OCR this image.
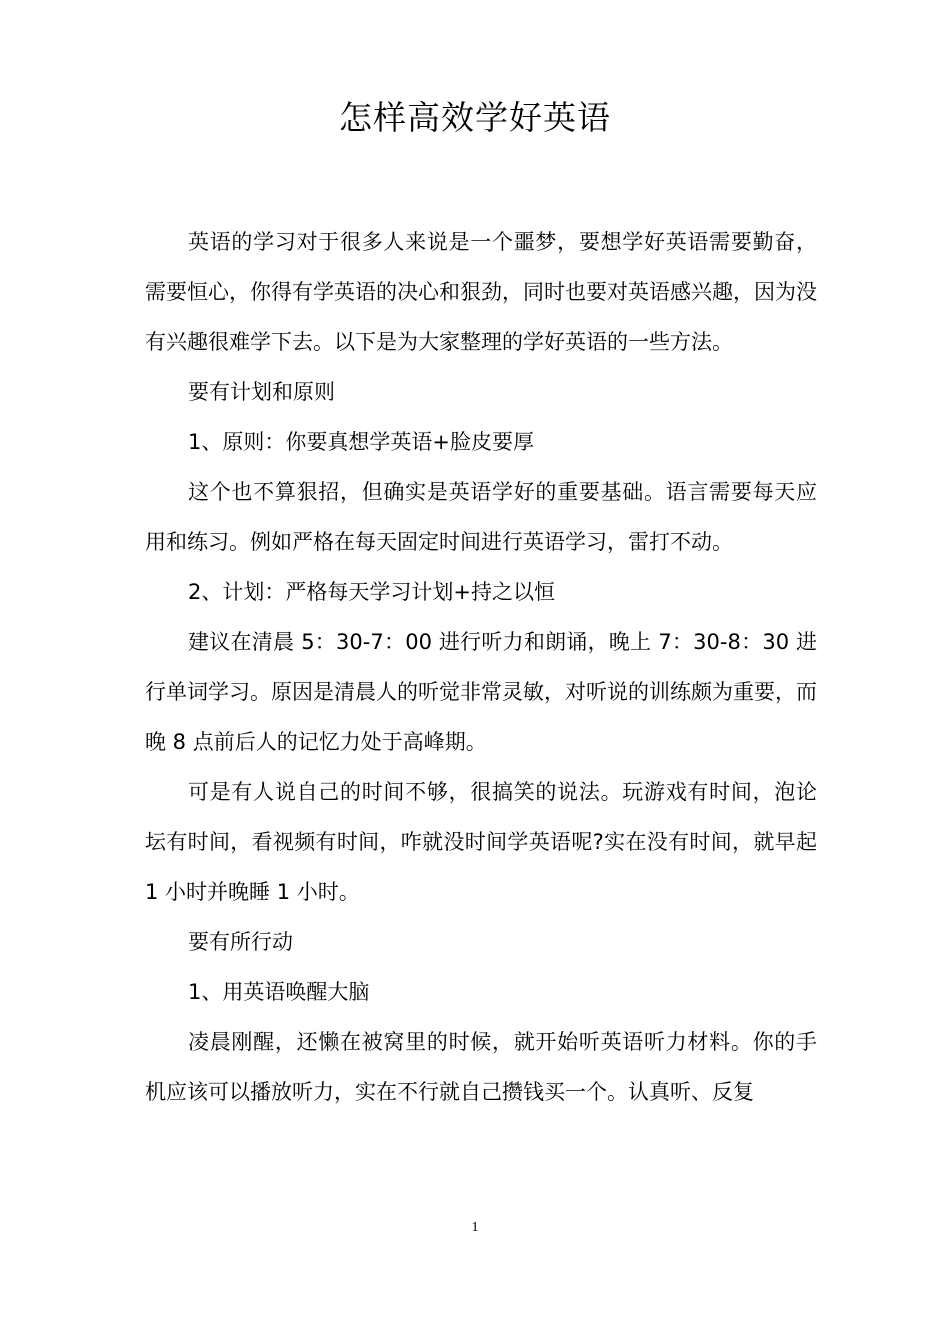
怎样高效学好英语

英语的学习对于很多人来说是一个噩梦，要想学好英语需要勤奋，需要恒心，你得有学英语的决心和狠劲，同时也要对英语感兴趣，因为没有兴趣很难学下去。以下是为大家整理的学好英语的一些方法。

要有计划和原则

1、原则：你要真想学英语+脸皮要厚

这个也不算狠招，但确实是英语学好的重要基础。语言需要每天应用和练习。例如严格在每天固定时间进行英语学习，雷打不动。

2、计划：严格每天学习计划+持之以恒

建议在清晨 5：30-7：00 进行听力和朗诵，晚上 7：30-8：30 进行单词学习。原因是清晨人的听觉非常灵敏，对听说的训练颇为重要，而晚 8 点前后人的记忆力处于高峰期。

可是有人说自己的时间不够，很搞笑的说法。玩游戏有时间，泡论坛有时间，看视频有时间，咋就没时间学英语呢?实在没有时间，就早起 1 小时并晚睡 1 小时。

要有所行动

1、用英语唤醒大脑

凌晨刚醒，还懒在被窝里的时候，就开始听英语听力材料。你的手机应该可以播放听力，实在不行就自己攒钱买一个。认真听、反复

1
